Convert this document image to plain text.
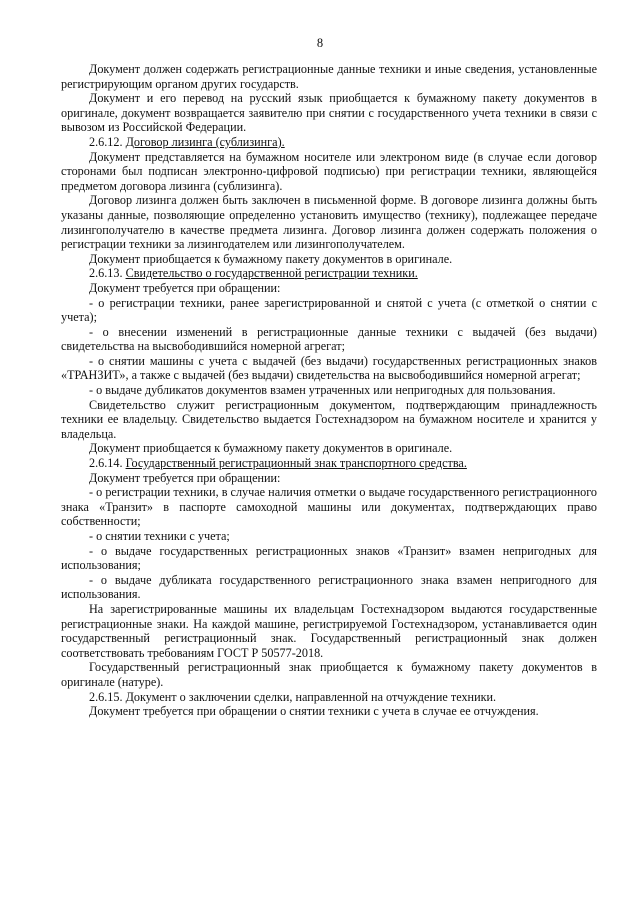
8

Документ должен содержать регистрационные данные техники и иные сведения, установленные регистрирующим органом других государств.

Документ и его перевод на русский язык приобщается к бумажному пакету документов в оригинале, документ возвращается заявителю при снятии с государственного учета техники в связи с вывозом из Российской Федерации.

2.6.12. Договор лизинга (сублизинга).

Документ представляется на бумажном носителе или электроном виде (в случае если договор сторонами был подписан электронно-цифровой подписью) при регистрации техники, являющейся предметом договора лизинга (сублизинга).

Договор лизинга должен быть заключен в письменной форме. В договоре лизинга должны быть указаны данные, позволяющие определенно установить имущество (технику), подлежащее передаче лизингополучателю в качестве предмета лизинга. Договор лизинга должен содержать положения о регистрации техники за лизингодателем или лизингополучателем.

Документ приобщается к бумажному пакету документов в оригинале.

2.6.13. Свидетельство о государственной регистрации техники.

Документ требуется при обращении:

- о регистрации техники, ранее зарегистрированной и снятой с учета (с отметкой о снятии с учета);

- о внесении изменений в регистрационные данные техники с выдачей (без выдачи) свидетельства на высвободившийся номерной агрегат;

- о снятии машины с учета с выдачей (без выдачи) государственных регистрационных знаков «ТРАНЗИТ», а также с выдачей (без выдачи) свидетельства на высвободившийся номерной агрегат;

- о выдаче дубликатов документов взамен утраченных или непригодных для пользования.

Свидетельство служит регистрационным документом, подтверждающим принадлежность техники ее владельцу. Свидетельство выдается Гостехнадзором на бумажном носителе и хранится у владельца.

Документ приобщается к бумажному пакету документов в оригинале.

2.6.14. Государственный регистрационный знак транспортного средства.

Документ требуется при обращении:

- о регистрации техники, в случае наличия отметки о выдаче государственного регистрационного знака «Транзит» в паспорте самоходной машины или документах, подтверждающих право собственности;

- о снятии техники с учета;

- о выдаче государственных регистрационных знаков «Транзит» взамен непригодных для использования;

- о выдаче дубликата государственного регистрационного знака взамен непригодного для использования.

На зарегистрированные машины их владельцам Гостехнадзором выдаются государственные регистрационные знаки. На каждой машине, регистрируемой Гостехнадзором, устанавливается один государственный регистрационный знак. Государственный регистрационный знак должен соответствовать требованиям ГОСТ Р 50577-2018.

Государственный регистрационный знак приобщается к бумажному пакету документов в оригинале (натуре).

2.6.15. Документ о заключении сделки, направленной на отчуждение техники.

Документ требуется при обращении о снятии техники с учета в случае ее отчуждения.
